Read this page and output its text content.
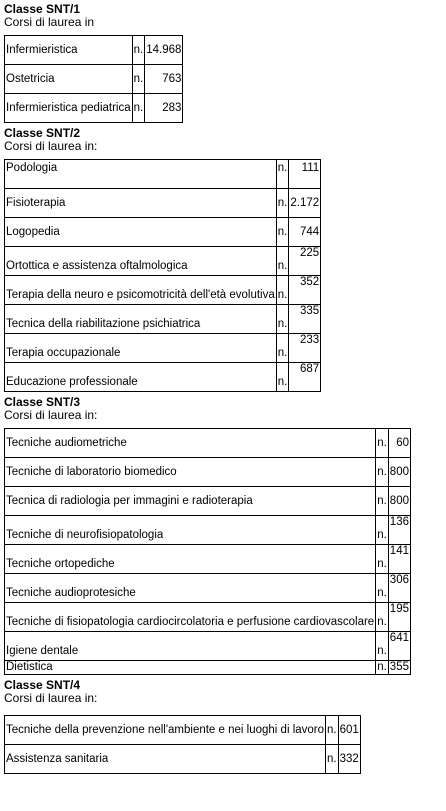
Classe SNT/1

Corsi di laurea in

Infermieristica	n.	14.968
Ostetricia	n.	763
Infermieristica pediatrica	n.	283

Classe SNT/2

Corsi di laurea in:

Podologia	n.	111
Fisioterapia	n.	2.172
Logopedia	n.	744
Ortottica e assistenza oftalmologica	n.	225
Terapia della neuro e psicomotricità dell'età evolutiva	n.	352
Tecnica della riabilitazione psichiatrica	n.	335
Terapia occupazionale	n.	233
Educazione professionale	n.	687

Classe SNT/3

Corsi di laurea in:

Tecniche audiometriche	n.	60
Tecniche di laboratorio biomedico	n.	800
Tecnica di radiologia per immagini e radioterapia	n.	800
Tecniche di neurofisiopatologia	n.	136
Tecniche ortopediche	n.	141
Tecniche audioprotesiche	n.	306
Tecniche di fisiopatologia cardiocircolatoria e perfusione cardiovascolare	n.	195
Igiene dentale	n.	641
Dietistica	n.	355

Classe SNT/4

Corsi di laurea in:

Tecniche della prevenzione nell'ambiente e nei luoghi di lavoro	n.	601
Assistenza sanitaria	n.	332
